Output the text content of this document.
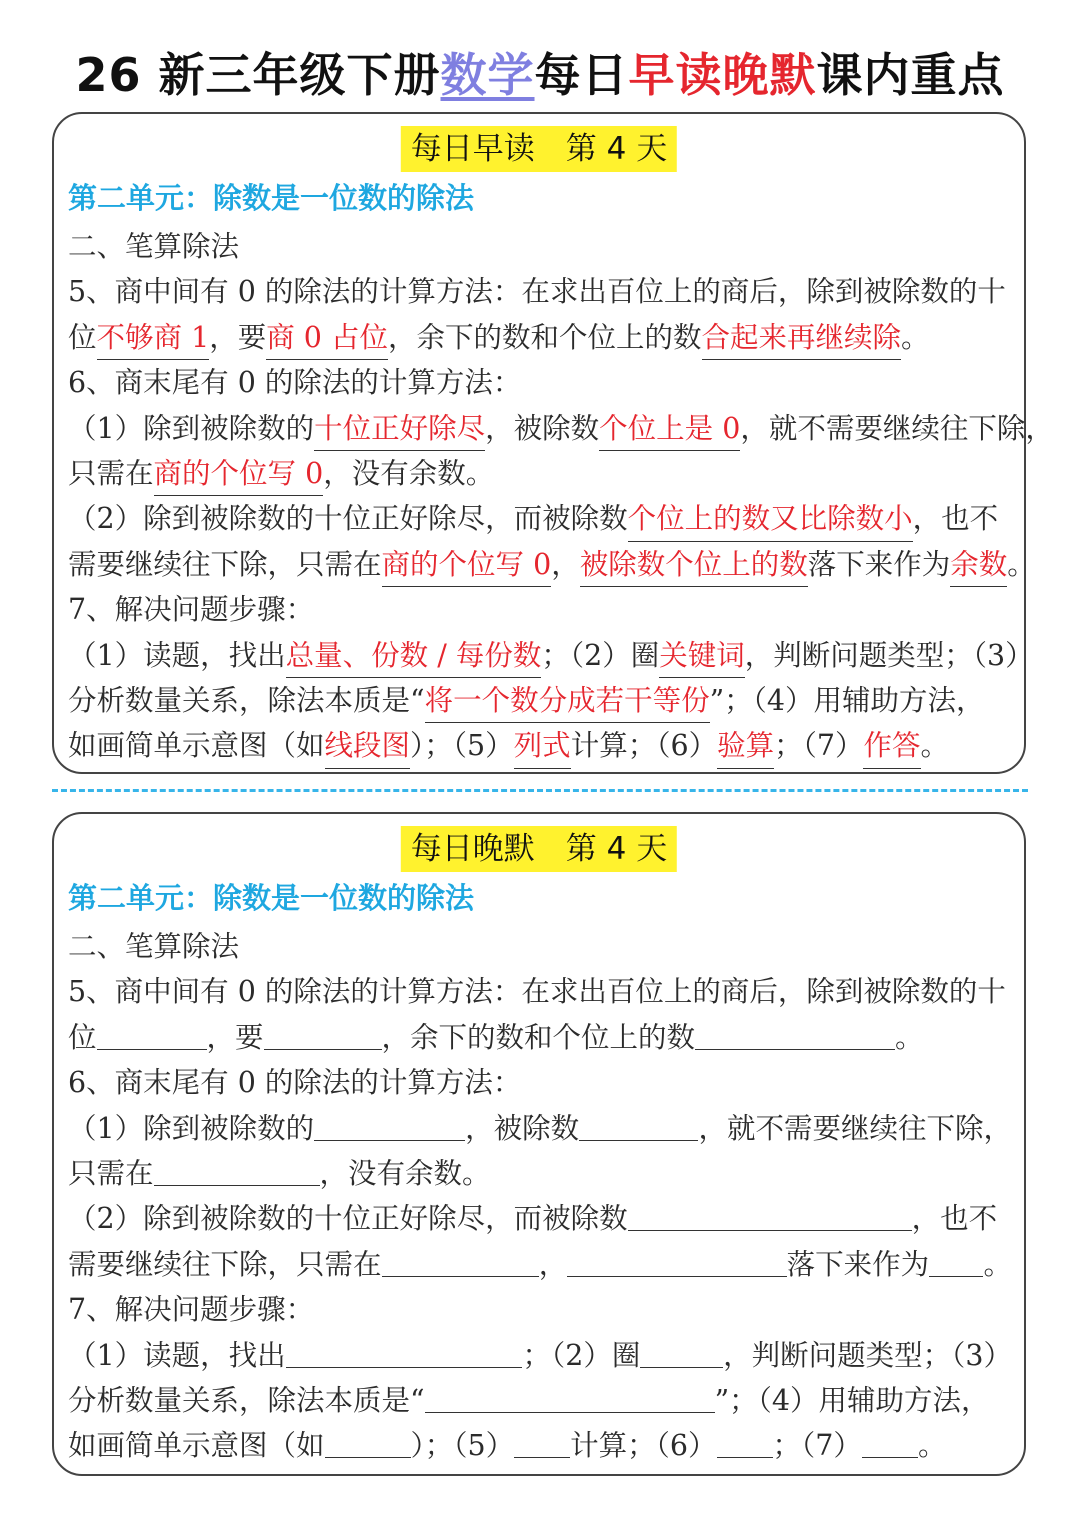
26 新三年级下册数学每日早读晚默课内重点
每日早读　第 4 天
第二单元：除数是一位数的除法
二、笔算除法
5、商中间有 0 的除法的计算方法：在求出百位上的商后，除到被除数的十
位 不够商 1 ，要 商 0 占位 ，余下的数和个位上的数 合起来再继续除 。
6、商末尾有 0 的除法的计算方法：
（1）除到被除数的 十位正好除尽 ，被除数 个位上是 0 ，就不需要继续往下除，
只需在 商的个位写 0 ，没有余数。
（2）除到被除数的十位正好除尽，而被除数 个位上的数又比除数小 ，也不
需要继续往下除，只需在 商的个位写 0 ， 被除数个位上的数 落下来作为 余数 。
7、解决问题步骤：
（1）读题，找出 总量、份数 / 每份数 ；（2）圈 关键词 ，判断问题类型；（3）
分析数量关系，除法本质是“ 将一个数分成若干等份 ”；（4）用辅助方法，
如画简单示意图（如 线段图 ）；（5） 列式 计算；（6） 验算 ；（7） 作答 。
每日晚默　第 4 天
第二单元：除数是一位数的除法
二、笔算除法
5、商中间有 0 的除法的计算方法：在求出百位上的商后，除到被除数的十
位	，要	，余下的数和个位上的数	。
6、商末尾有 0 的除法的计算方法：
（1）除到被除数的	，被除数	，就不需要继续往下除，
只需在	，没有余数。
（2）除到被除数的十位正好除尽，而被除数	，也不
需要继续往下除，只需在	，	落下来作为 。
7、解决问题步骤：
（1）读题，找出	；（2）圈	，判断问题类型；（3）
分析数量关系，除法本质是“	”；（4）用辅助方法，
如画简单示意图（如	）；（5） 计算；（6） ；（7） 。
